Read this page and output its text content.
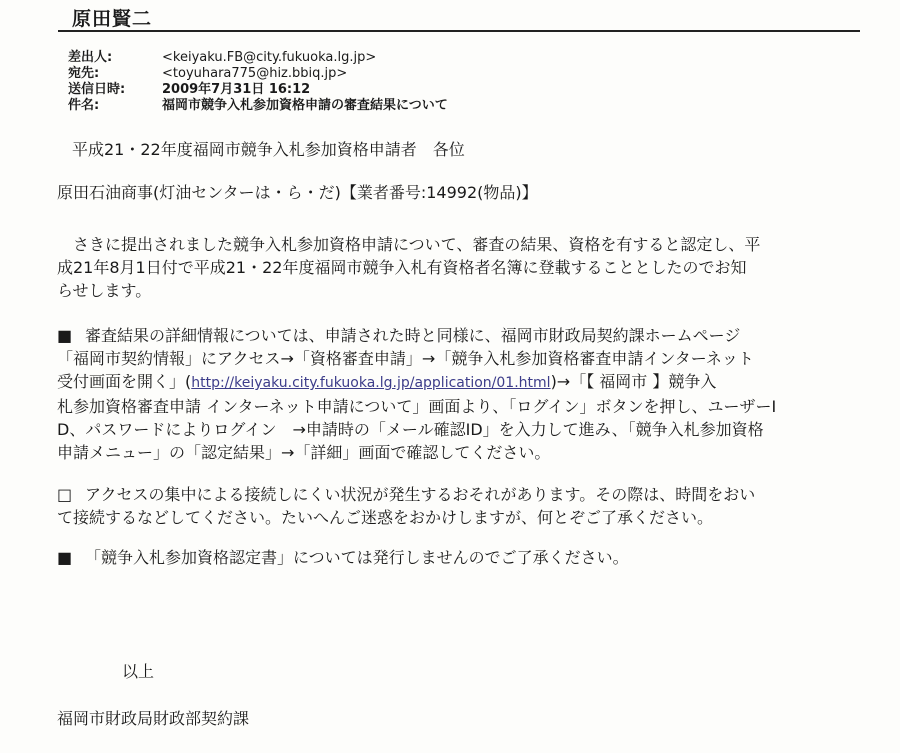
原田賢二
差出人:	<keiyaku.FB@city.fukuoka.lg.jp>
宛先:	<toyuhara775@hiz.bbiq.jp>
送信日時:	2009年7月31日 16:12
件名:	福岡市競争入札参加資格申請の審査結果について
平成21・22年度福岡市競争入札参加資格申請者　各位
原田石油商事(灯油センターは・ら・だ)【業者番号:14992(物品)】
　さきに提出されました競争入札参加資格申請について、審査の結果、資格を有すると認定し、平
成21年8月1日付で平成21・22年度福岡市競争入札有資格者名簿に登載することとしたのでお知
らせします。
■ 審査結果の詳細情報については、申請された時と同様に、福岡市財政局契約課ホームページ
「福岡市契約情報」にアクセス→「資格審査申請」→「競争入札参加資格審査申請インターネット
受付画面を開く」(http://keiyaku.city.fukuoka.lg.jp/application/01.html)→「【 福岡市 】競争入
札参加資格審査申請 インターネット申請について」画面より、「ログイン」ボタンを押し、ユーザーI
D、パスワードによりログイン　→申請時の「メール確認ID」を入力して進み、「競争入札参加資格
申請メニュー」の「認定結果」→「詳細」画面で確認してください。
□ アクセスの集中による接続しにくい状況が発生するおそれがあります。その際は、時間をおい
て接続するなどしてください。たいへんご迷惑をおかけしますが、何とぞご了承ください。
■ 「競争入札参加資格認定書」については発行しませんのでご了承ください。
以上
福岡市財政局財政部契約課
